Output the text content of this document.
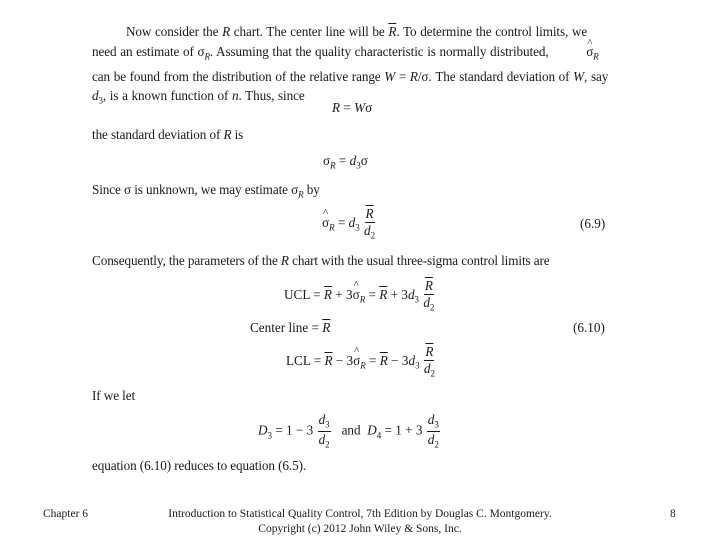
Now consider the R chart. The center line will be $\overline{R}$. To determine the control limits, we need an estimate of $\sigma_R$. Assuming that the quality characteristic is normally distributed,	^ $\sigma_R$ can be found from the distribution of the relative range W = R/σ. The standard deviation of W, say $d_3$, is a known function of n. Thus, since
R = Wσ
the standard deviation of R is
$\sigma_R = d_3\sigma$
Since σ is unknown, we may estimate $\sigma_R$ by
^ $\sigma_R = d_3 \frac{\overline{R}}{d_2}$	(6.9)
Consequently, the parameters of the R chart with the usual three-sigma control limits are
UCL = $\overline{R}$ + 3^ $\sigma_R = \overline{R} + 3d_3 \frac{\overline{R}}{d_2}$
Center line = $\overline{R}$	(6.10)
LCL = $\overline{R}$ − 3^ $\sigma_R = \overline{R} - 3d_3 \frac{\overline{R}}{d_2}$
If we let
$D_3 = 1 - 3 \frac{d_3}{d_2}$ and  $D_4 = 1 + 3 \frac{d_3}{d_2}$
equation (6.10) reduces to equation (6.5).
Chapter 6	Introduction to Statistical Quality Control, 7th Edition by Douglas C. Montgomery.
Copyright (c) 2012 John Wiley & Sons, Inc.
8
